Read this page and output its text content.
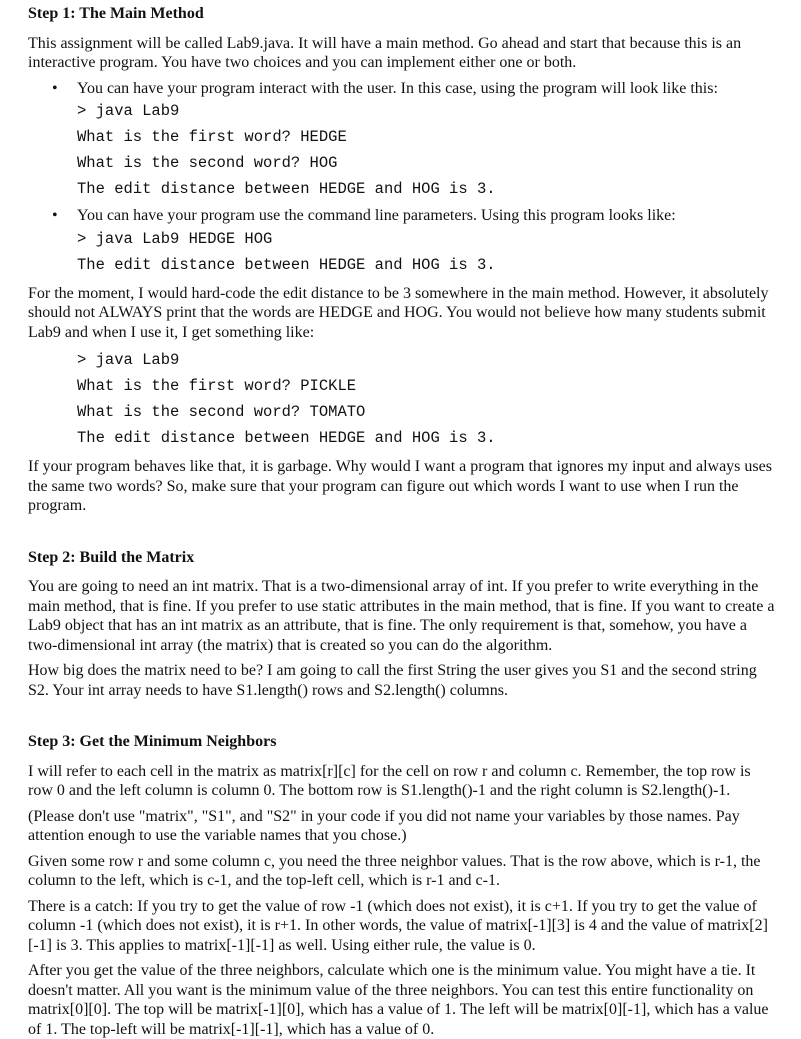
Step 1: The Main Method

This assignment will be called Lab9.java. It will have a main method. Go ahead and start that because this is an interactive program. You have two choices and you can implement either one or both.

• You can have your program interact with the user. In this case, using the program will look like this:
> java Lab9
What is the first word? HEDGE
What is the second word? HOG
The edit distance between HEDGE and HOG is 3.
• You can have your program use the command line parameters. Using this program looks like:
> java Lab9 HEDGE HOG
The edit distance between HEDGE and HOG is 3.

For the moment, I would hard-code the edit distance to be 3 somewhere in the main method. However, it absolutely should not ALWAYS print that the words are HEDGE and HOG. You would not believe how many students submit Lab9 and when I use it, I get something like:

> java Lab9
What is the first word? PICKLE
What is the second word? TOMATO
The edit distance between HEDGE and HOG is 3.

If your program behaves like that, it is garbage. Why would I want a program that ignores my input and always uses the same two words? So, make sure that your program can figure out which words I want to use when I run the program.

Step 2: Build the Matrix

You are going to need an int matrix. That is a two-dimensional array of int. If you prefer to write everything in the main method, that is fine. If you prefer to use static attributes in the main method, that is fine. If you want to create a Lab9 object that has an int matrix as an attribute, that is fine. The only requirement is that, somehow, you have a two-dimensional int array (the matrix) that is created so you can do the algorithm.

How big does the matrix need to be? I am going to call the first String the user gives you S1 and the second string S2. Your int array needs to have S1.length() rows and S2.length() columns.

Step 3: Get the Minimum Neighbors

I will refer to each cell in the matrix as matrix[r][c] for the cell on row r and column c. Remember, the top row is row 0 and the left column is column 0. The bottom row is S1.length()-1 and the right column is S2.length()-1.

(Please don't use "matrix", "S1", and "S2" in your code if you did not name your variables by those names. Pay attention enough to use the variable names that you chose.)

Given some row r and some column c, you need the three neighbor values. That is the row above, which is r-1, the column to the left, which is c-1, and the top-left cell, which is r-1 and c-1.

There is a catch: If you try to get the value of row -1 (which does not exist), it is c+1. If you try to get the value of column -1 (which does not exist), it is r+1. In other words, the value of matrix[-1][3] is 4 and the value of matrix[2][-1] is 3. This applies to matrix[-1][-1] as well. Using either rule, the value is 0.

After you get the value of the three neighbors, calculate which one is the minimum value. You might have a tie. It doesn't matter. All you want is the minimum value of the three neighbors. You can test this entire functionality on matrix[0][0]. The top will be matrix[-1][0], which has a value of 1. The left will be matrix[0][-1], which has a value of 1. The top-left will be matrix[-1][-1], which has a value of 0.
